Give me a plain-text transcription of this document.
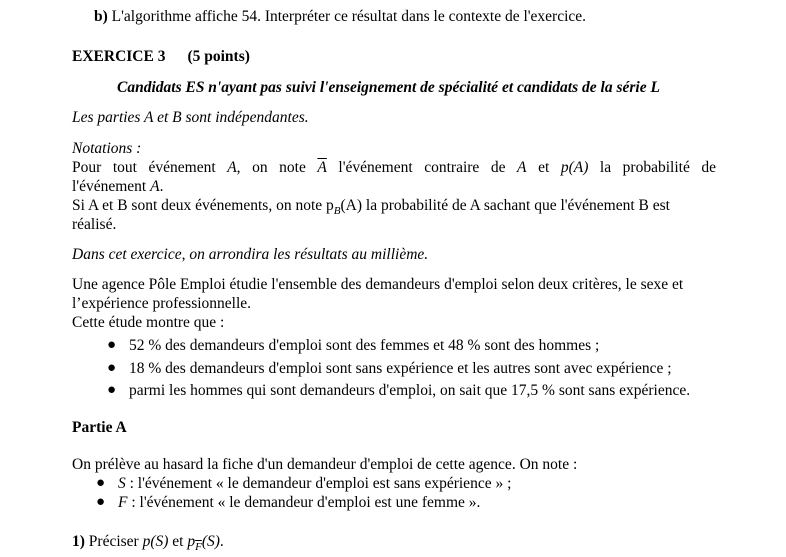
b) L'algorithme affiche 54. Interpréter ce résultat dans le contexte de l'exercice.
EXERCICE 3 (5 points)
Candidats ES n'ayant pas suivi l'enseignement de spécialité et candidats de la série L
Les parties A et B sont indépendantes.
Notations :
Pour tout événement A, on note $\overline{A}$ l'événement contraire de A et p(A) la probabilité de
l'événement A.
Si A et B sont deux événements, on note $p_B(A)$ la probabilité de A sachant que l'événement B est
réalisé.
Dans cet exercice, on arrondira les résultats au millième.
Une agence Pôle Emploi étudie l'ensemble des demandeurs d'emploi selon deux critères, le sexe et
l’expérience professionnelle.
Cette étude montre que :
● 52 % des demandeurs d'emploi sont des femmes et 48 % sont des hommes ;
● 18 % des demandeurs d'emploi sont sans expérience et les autres sont avec expérience ;
● parmi les hommes qui sont demandeurs d'emploi, on sait que 17,5 % sont sans expérience.
Partie A
On prélève au hasard la fiche d'un demandeur d'emploi de cette agence. On note :
● S : l'événement « le demandeur d'emploi est sans expérience » ;
● F : l'événement « le demandeur d'emploi est une femme ».
1) Préciser p(S) et $p_{\overline{F}}(S)$.
